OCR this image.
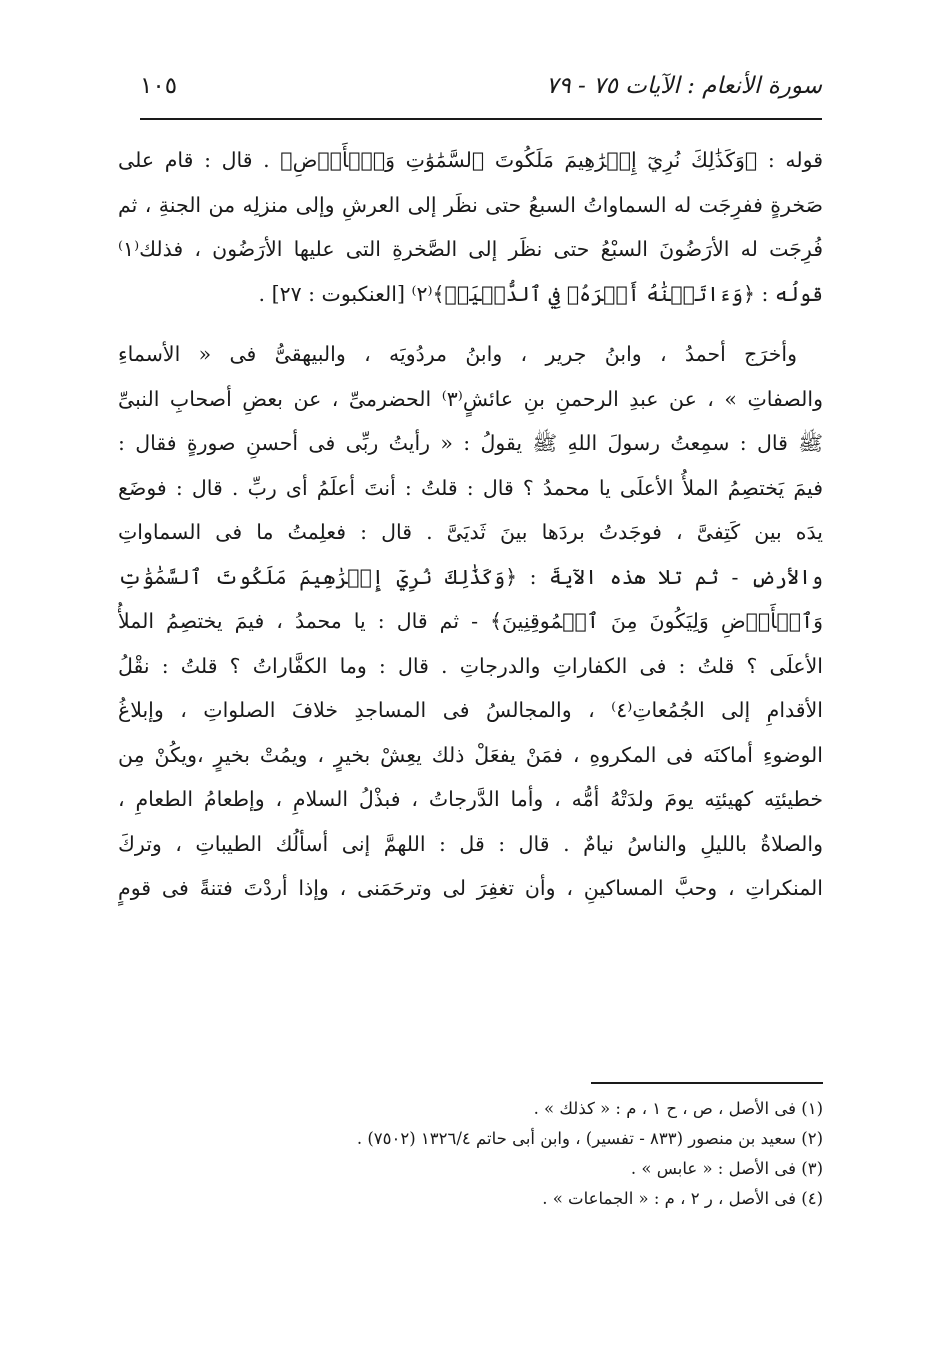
سورة الأنعام : الآيات ٧٥ - ٧٩
١٠٥
قوله : ﴿وَكَذَٰلِكَ نُرِيٓ إِبۡرَٰهِيمَ مَلَكُوتَ ٱلسَّمَٰوَٰتِ وَٱلۡأَرۡضِ﴾ . قال : قام على
صَخرةٍ ففرِجَت له السماواتُ السبعُ حتى نظَر إلى العرشِ وإلى منزلِه من الجنةِ ، ثم
فُرِجَت له الأرَضُونَ السبْعُ حتى نظَر إلى الصَّخرةِ التى عليها الأرَضُون ، فذلك⁽١⁾
قولُه : ﴿وَءَاتَيۡنَٰهُ أَجۡرَهُۥ فِي ٱلدُّنۡيَاۖ﴾⁽٢⁾ [العنكبوت : ٢٧] .
وأخرَج أحمدُ ، وابنُ جرير ، وابنُ مردُويَه ، والبيهقىُّ فى « الأسماءِ
والصفاتِ » ، عن عبدِ الرحمنِ بنِ عائشٍ⁽٣⁾ الحضرمىِّ ، عن بعضِ أصحابِ النبىِّ
ﷺ قال : سمِعتُ رسولَ اللهِ ﷺ يقولُ : « رأيتُ ربِّى فى أحسنِ صورةٍ فقال :
فيمَ يَختصِمُ الملأُ الأعلَى يا محمدُ ؟ قال : قلتُ : أنتَ أعلَمُ أى ربِّ . قال : فوضَع
يدَه بين كَتِفىَّ ، فوجَدتُ بردَها بينَ ثَديَىَّ . قال : فعلِمتُ ما فى السماواتِ
والأرضِ - ثم تلا هذه الآيةَ : ﴿وَكَذَٰلِكَ نُرِيٓ إِبۡرَٰهِيمَ مَلَكُوتَ ٱلسَّمَٰوَٰتِ
وَٱلۡأَرۡضِ وَلِيَكُونَ مِنَ ٱلۡمُوقِنِينَ﴾ - ثم قال : يا محمدُ ، فيمَ يختصِمُ الملأُ
الأعلَى ؟ قلتُ : فى الكفاراتِ والدرجاتِ . قال : وما الكفَّاراتُ ؟ قلتُ : نقْلُ
الأقدامِ إلى الجُمُعاتِ⁽٤⁾ ، والمجالسُ فى المساجدِ خلافَ الصلواتِ ، وإبلاغُ
الوضوءِ أماكنَه فى المكروهِ ، فمَنْ يفعَلْ ذلك يعِشْ بخيرٍ ، ويمُتْ بخيرٍ ،ويكُنْ مِن
خطيئتِه كهيئتِه يومَ ولدَتْهُ أمُّه ، وأما الدَّرجاتُ ، فبذْلُ السلامِ ، وإطعامُ الطعامِ ،
والصلاةُ بالليلِ والناسُ نيامٌ . قال : قل : اللهمَّ إنى أسألُك الطيباتِ ، وتركَ
المنكراتِ ، وحبَّ المساكينِ ، وأن تغفِرَ لى وترحَمَنى ، وإذا أردْتَ فتنةً فى قومٍ
(١) فى الأصل ، ص ، ح ١ ، م : « كذلك » .
(٢) سعيد بن منصور (٨٣٣ - تفسير) ، وابن أبى حاتم ١٣٢٦/٤ (٧٥٠٢) .
(٣) فى الأصل : « عابس » .
(٤) فى الأصل ، ر ٢ ، م : « الجماعات » .
